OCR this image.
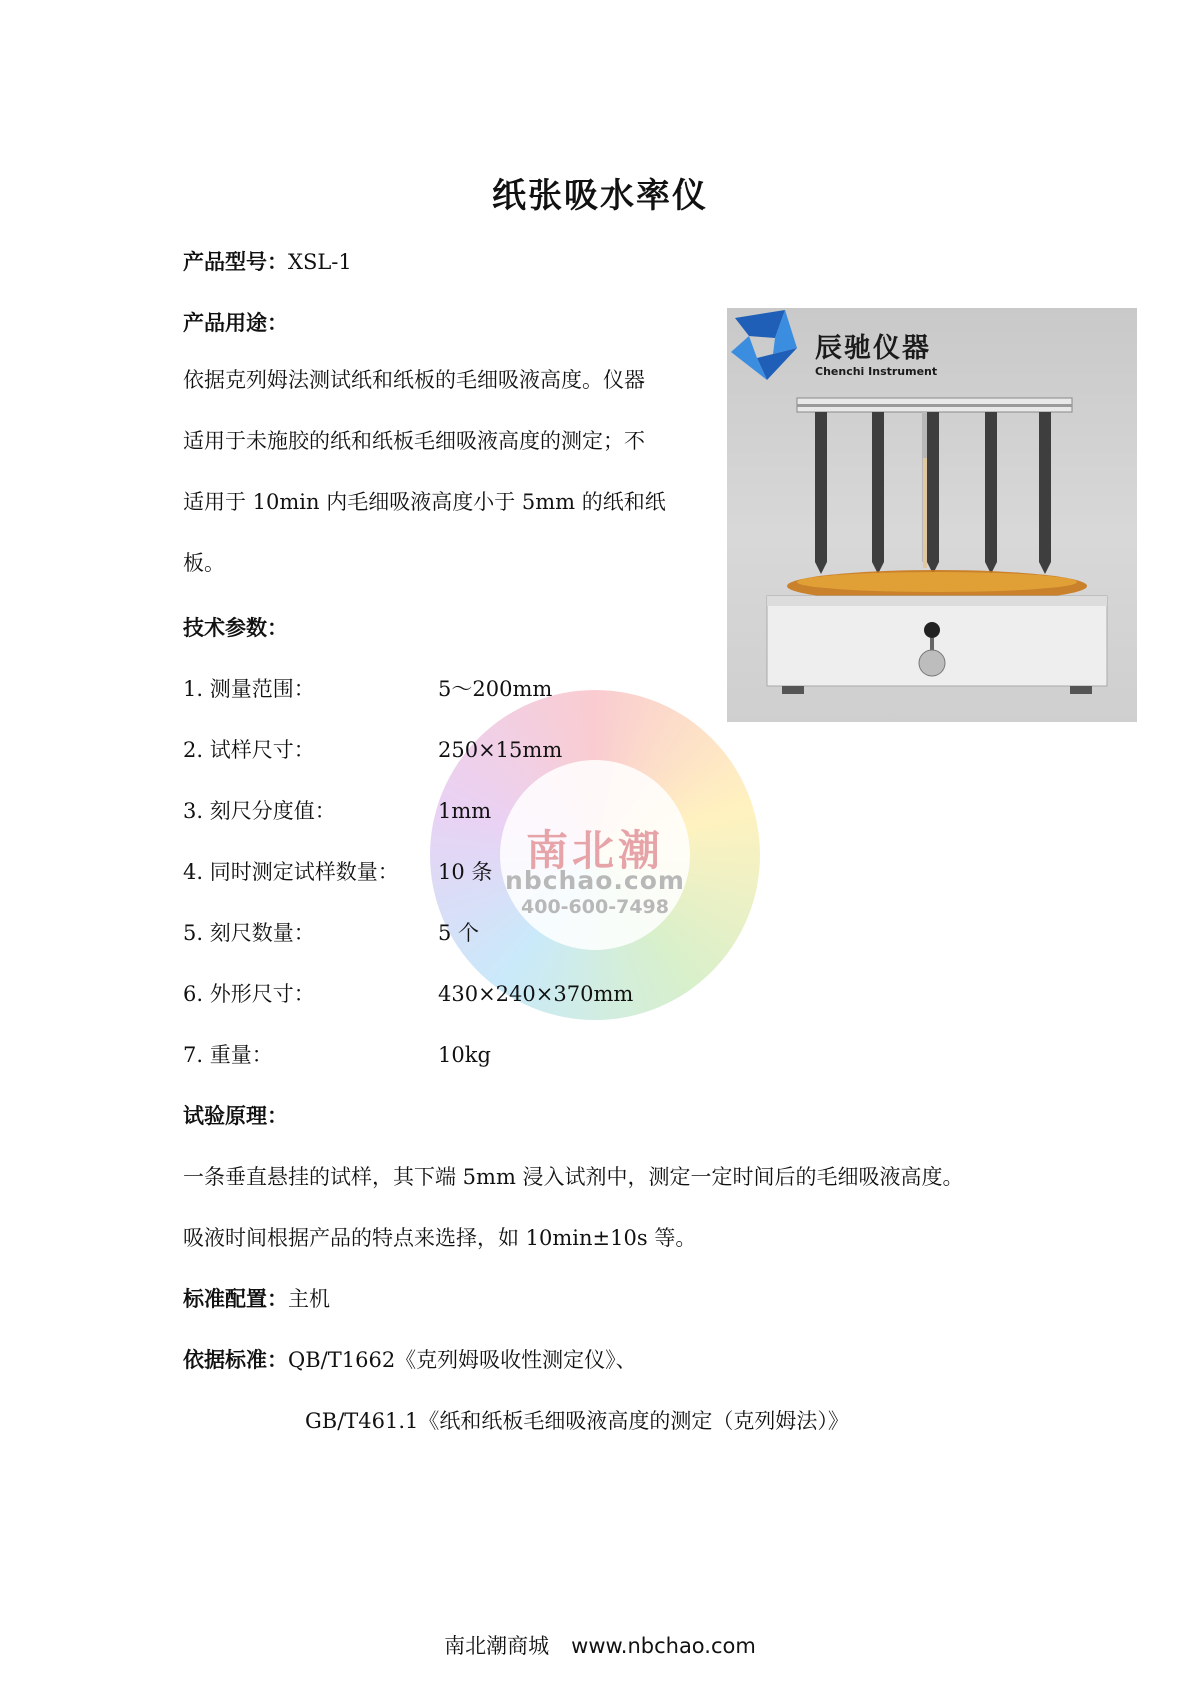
南北潮
nbchao.com
400-600-7498
纸张吸水率仪
产品型号：XSL-1
产品用途：
依据克列姆法测试纸和纸板的毛细吸液高度。仪器
适用于未施胶的纸和纸板毛细吸液高度的测定；不
适用于 10min 内毛细吸液高度小于 5mm 的纸和纸
板。
技术参数：
1. 测量范围：	5～200mm
2. 试样尺寸：	250×15mm
3. 刻尺分度值：	1mm
4. 同时测定试样数量： 10 条
5. 刻尺数量：	5 个
6. 外形尺寸：	430×240×370mm
7. 重量：	10kg
试验原理：
一条垂直悬挂的试样，其下端 5mm 浸入试剂中，测定一定时间后的毛细吸液高度。
吸液时间根据产品的特点来选择，如 10min±10s 等。
标准配置：主机
依据标准：QB/T1662《克列姆吸收性测定仪》、
GB/T461.1《纸和纸板毛细吸液高度的测定（克列姆法）》
辰驰仪器
Chenchi Instrument
南北潮商城 www.nbchao.com
